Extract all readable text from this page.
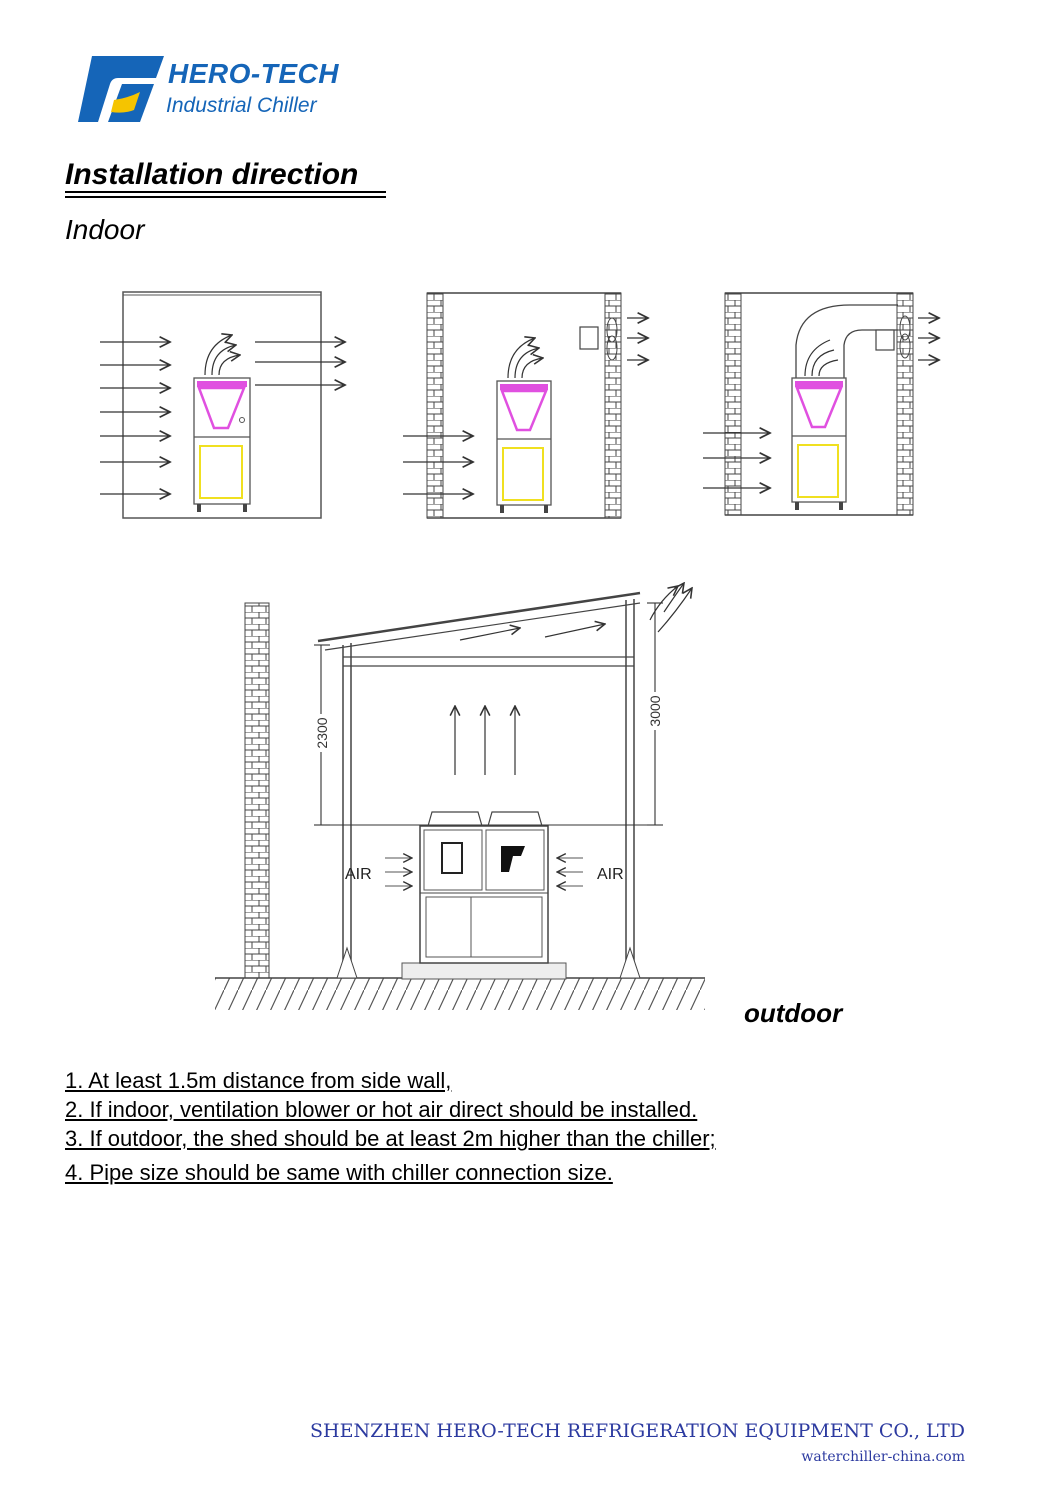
HERO-TECH
Industrial Chiller
Installation direction
Indoor
2300
3000
AIR	AIR
outdoor
1. At least 1.5m distance from side wall,
2. If indoor, ventilation blower or hot air direct should be installed.
3. If outdoor, the shed should be at least 2m higher than the chiller;
4. Pipe size should be same with chiller connection size.
SHENZHEN HERO-TECH REFRIGERATION EQUIPMENT CO., LTD
waterchiller-china.com
